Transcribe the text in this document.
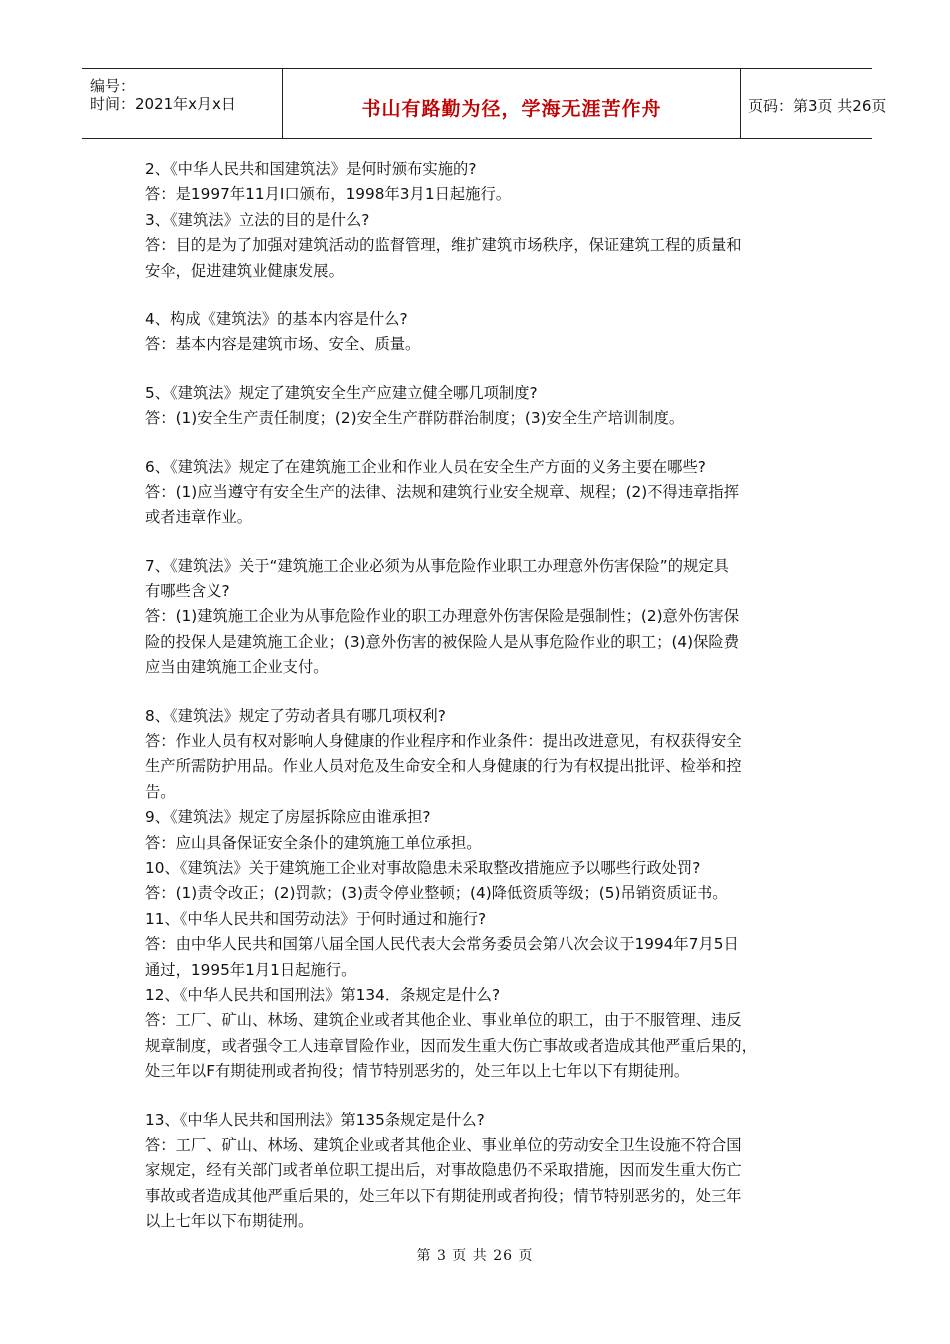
编号：
时间：2021年x月x日	书山有路勤为径，学海无涯苦作舟	页码：第3页 共26页
2、《中华人民共和国建筑法》是何时颁布实施的?
答：是1997年11月I口颁布，1998年3月1日起施行。
3、《建筑法》立法的目的是什么?
答：目的是为了加强对建筑活动的监督管理，维扩建筑市场秩序，保证建筑工程的质量和
安伞，促进建筑业健康发展。
4、构成《建筑法》的基本内容是什么?
答：基本内容是建筑市场、安全、质量。
5、《建筑法》规定了建筑安全生产应建立健全哪几项制度?
答：(1)安全生产责任制度；(2)安全生产群防群治制度；(3)安全生产培训制度。
6、《建筑法》规定了在建筑施工企业和作业人员在安全生产方面的义务主要在哪些?
答：(1)应当遵守有安全生产的法律、法规和建筑行业安全规章、规程；(2)不得违章指挥
或者违章作业。
7、《建筑法》关于“建筑施工企业必须为从事危险作业职工办理意外伤害保险”的规定具
有哪些含义?
答：(1)建筑施工企业为从事危险作业的职工办理意外伤害保险是强制性；(2)意外伤害保
险的投保人是建筑施工企业；(3)意外伤害的被保险人是从事危险作业的职工；(4)保险费
应当由建筑施工企业支付。
8、《建筑法》规定了劳动者具有哪几项权利?
答：作业人员有权对影响人身健康的作业程序和作业条件：提出改进意见，有权获得安全
生产所需防护用品。作业人员对危及生命安全和人身健康的行为有权提出批评、检举和控
告。
9、《建筑法》规定了房屋拆除应由谁承担?
答：应山具备保证安全条仆的建筑施工单位承担。
10、《建筑法》关于建筑施工企业对事故隐患未采取整改措施应予以哪些行政处罚?
答：(1)责令改正；(2)罚款；(3)责令停业整顿；(4)降低资质等级；(5)吊销资质证书。
11、《中华人民共和国劳动法》于何时通过和施行?
答：由中华人民共和国第八届全国人民代表大会常务委员会第八次会议于1994年7月5日
通过，1995年1月1日起施行。
12、《中华人民共和国刑法》第134．条规定是什么?
答：工厂、矿山、林场、建筑企业或者其他企业、事业单位的职工，由于不服管理、违反
规章制度，或者强令工人违章冒险作业，因而发生重大伤亡事故或者造成其他严重后果的，
处三年以F有期徒刑或者拘役；情节特别恶劣的，处三年以上七年以下有期徒刑。
13、《中华人民共和国刑法》第135条规定是什么?
答：工厂、矿山、林场、建筑企业或者其他企业、事业单位的劳动安全卫生设施不符合国
家规定，经有关部门或者单位职工提出后，对事故隐患仍不采取措施，因而发生重大伤亡
事故或者造成其他严重后果的，处三年以下有期徒刑或者拘役；情节特别恶劣的，处三年
以上七年以下布期徒刑。
第 3 页 共 26 页
